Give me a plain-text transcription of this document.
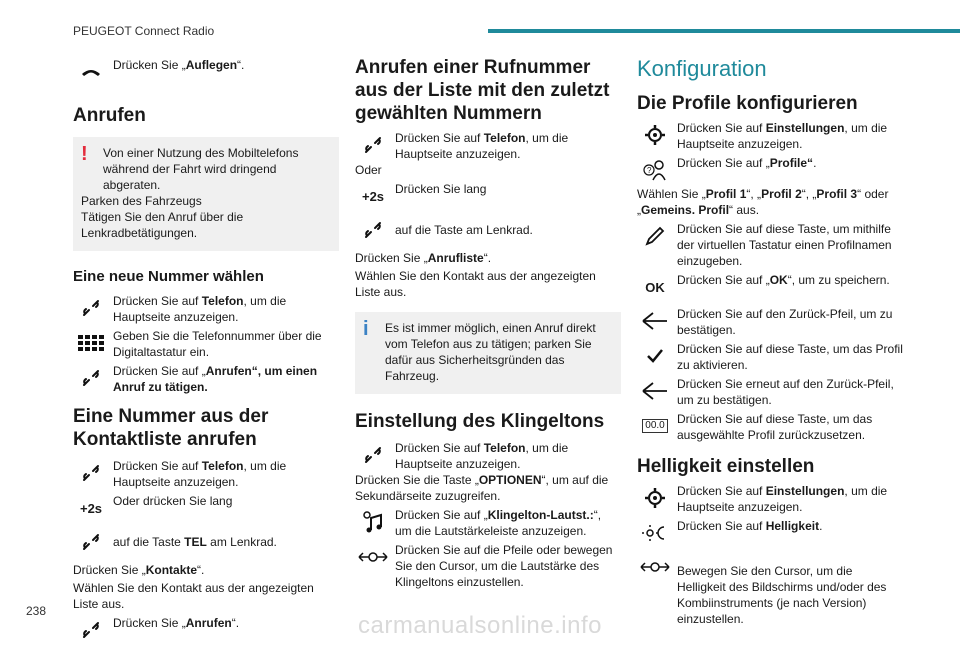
PEUGEOT Connect Radio
Drücken Sie „Auflegen“.
Anrufen
!	Von einer Nutzung des Mobiltelefons während der Fahrt wird dringend abgeraten.
Parken des Fahrzeugs
Tätigen Sie den Anruf über die Lenkradbetätigungen.
Eine neue Nummer wählen
Drücken Sie auf Telefon, um die Hauptseite anzuzeigen.
Geben Sie die Telefonnummer über die Digitaltastatur ein.
Drücken Sie auf „Anrufen“, um einen Anruf zu tätigen.
Eine Nummer aus der Kontaktliste anrufen
Drücken Sie auf Telefon, um die Hauptseite anzuzeigen.
+2s Oder drücken Sie lang
auf die Taste TEL am Lenkrad.
Drücken Sie „Kontakte“.
Wählen Sie den Kontakt aus der angezeigten Liste aus.
Drücken Sie „Anrufen“.
Anrufen einer Rufnummer aus der Liste mit den zuletzt gewählten Nummern
Drücken Sie auf Telefon, um die Hauptseite anzuzeigen.
Oder
+2s Drücken Sie lang
auf die Taste am Lenkrad.
Drücken Sie „Anrufliste“.
Wählen Sie den Kontakt aus der angezeigten Liste aus.
i	Es ist immer möglich, einen Anruf direkt vom Telefon aus zu tätigen; parken Sie dafür aus Sicherheitsgründen das Fahrzeug.
Einstellung des Klingeltons
Drücken Sie auf Telefon, um die Hauptseite anzuzeigen.
Drücken Sie die Taste „OPTIONEN“, um auf die Sekundärseite zuzugreifen.
Drücken Sie auf „Klingelton-Lautst.:“, um die Lautstärkeleiste anzuzeigen.
Drücken Sie auf die Pfeile oder bewegen Sie den Cursor, um die Lautstärke des Klingeltons einzustellen.
Konfiguration
Die Profile konfigurieren
Drücken Sie auf Einstellungen, um die Hauptseite anzuzeigen.
?
Drücken Sie auf „Profile“.
Wählen Sie „Profil 1“, „Profil 2“, „Profil 3“ oder „Gemeins. Profil“ aus.
Drücken Sie auf diese Taste, um mithilfe der virtuellen Tastatur einen Profilnamen einzugeben.
OK Drücken Sie auf „OK“, um zu speichern.
Drücken Sie auf den Zurück-Pfeil, um zu bestätigen.
Drücken Sie auf diese Taste, um das Profil zu aktivieren.
Drücken Sie erneut auf den Zurück-Pfeil, um zu bestätigen.
00.0 Drücken Sie auf diese Taste, um das ausgewählte Profil zurückzusetzen.
Helligkeit einstellen
Drücken Sie auf Einstellungen, um die Hauptseite anzuzeigen.
Drücken Sie auf Helligkeit.
Bewegen Sie den Cursor, um die Helligkeit des Bildschirms und/oder des Kombiinstruments (je nach Version) einzustellen.
238
carmanualsonline.info
